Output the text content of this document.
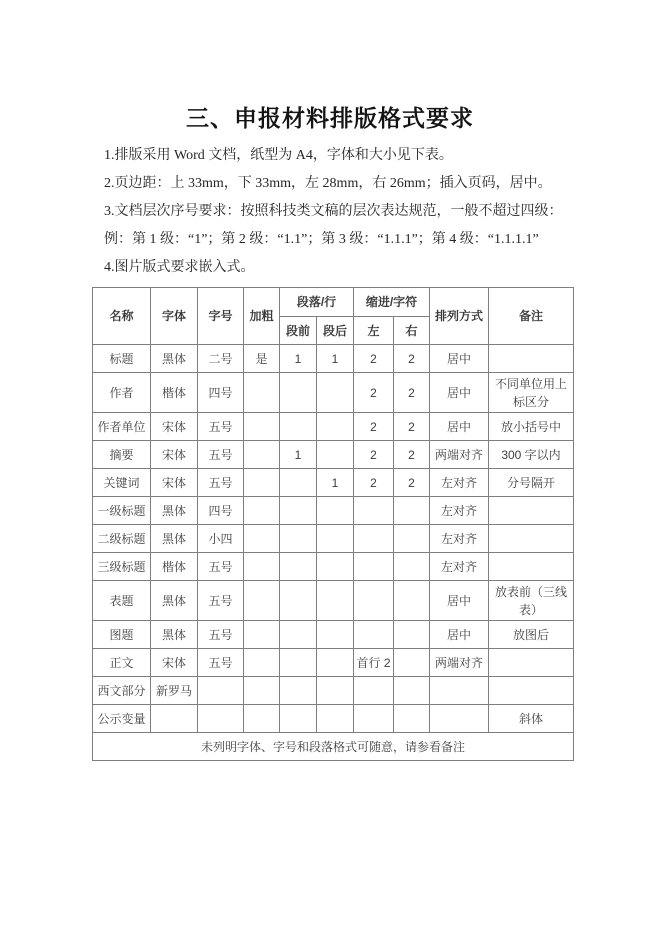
三、申报材料排版格式要求

1.排版采用 Word 文档，纸型为 A4，字体和大小见下表。

2.页边距：上 33mm，下 33mm，左 28mm，右 26mm；插入页码，居中。

3.文档层次序号要求：按照科技类文稿的层次表达规范，一般不超过四级：

例：第 1 级：“1”；第 2 级：“1.1”；第 3 级：“1.1.1”；第 4 级：“1.1.1.1”

4.图片版式要求嵌入式。

名称	字体	字号	加粗	段落/行		缩进/字符		排列方式	备注
				段前	段后	左	右		
标题	黑体	二号	是	1	1	2	2	居中	
作者	楷体	四号				2	2	居中	不同单位用上标区分
作者单位	宋体	五号				2	2	居中	放小括号中
摘要	宋体	五号		1		2	2	两端对齐	300 字以内
关键词	宋体	五号			1	2	2	左对齐	分号隔开
一级标题	黑体	四号						左对齐	
二级标题	黑体	小四						左对齐	
三级标题	楷体	五号						左对齐	
表题	黑体	五号						居中	放表前（三线表）
图题	黑体	五号						居中	放图后
正文	宋体	五号				首行 2		两端对齐	
西文部分	新罗马								
公示变量									斜体
未列明字体、字号和段落格式可随意，请参看备注									
